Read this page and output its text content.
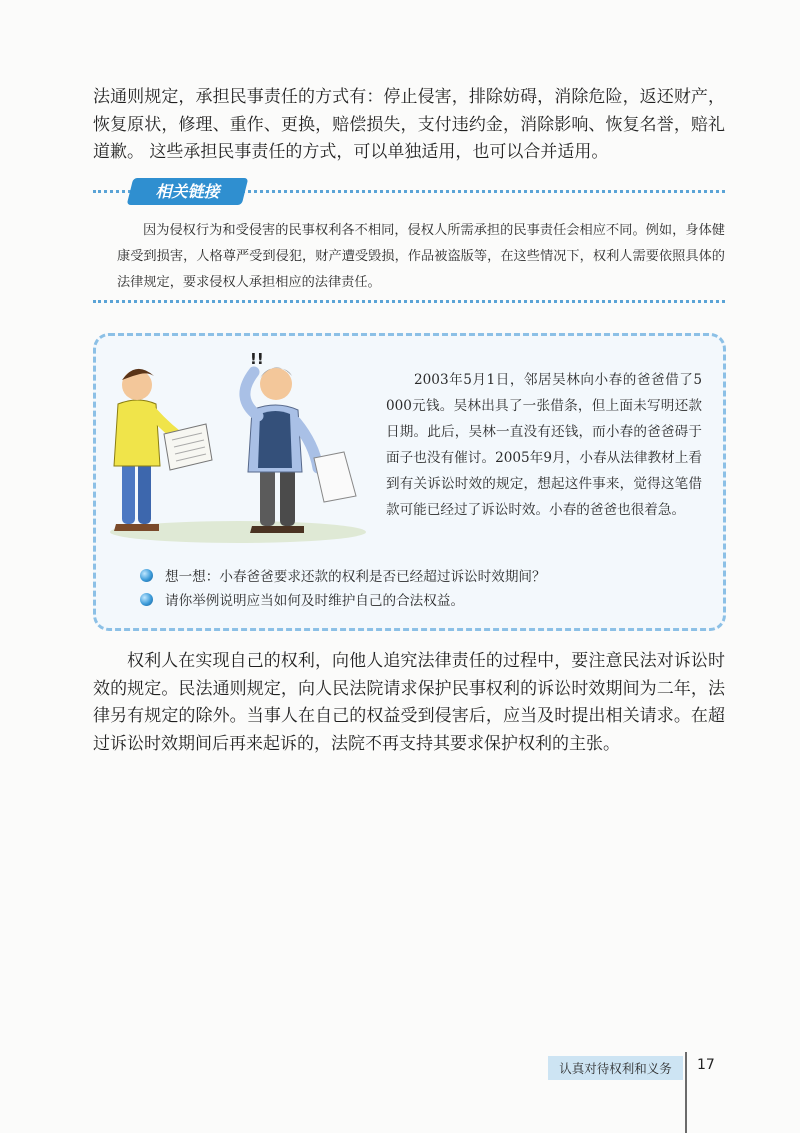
法通则规定，承担民事责任的方式有：停止侵害，排除妨碍，消除危险，返还财产，恢复原状，修理、重作、更换，赔偿损失，支付违约金，消除影响、恢复名誉，赔礼道歉。 这些承担民事责任的方式，可以单独适用，也可以合并适用。

相关链接

因为侵权行为和受侵害的民事权利各不相同，侵权人所需承担的民事责任会相应不同。例如，身体健康受到损害，人格尊严受到侵犯，财产遭受毁损，作品被盗版等，在这些情况下，权利人需要依照具体的法律规定，要求侵权人承担相应的法律责任。

!!

2003年5月1日，邻居吴林向小春的爸爸借了5 000元钱。吴林出具了一张借条，但上面未写明还款日期。此后，吴林一直没有还钱，而小春的爸爸碍于面子也没有催讨。2005年9月，小春从法律教材上看到有关诉讼时效的规定，想起这件事来，觉得这笔借款可能已经过了诉讼时效。小春的爸爸也很着急。

想一想：小春爸爸要求还款的权利是否已经超过诉讼时效期间？
请你举例说明应当如何及时维护自己的合法权益。

权利人在实现自己的权利，向他人追究法律责任的过程中，要注意民法对诉讼时效的规定。民法通则规定，向人民法院请求保护民事权利的诉讼时效期间为二年，法律另有规定的除外。当事人在自己的权益受到侵害后，应当及时提出相关请求。在超过诉讼时效期间后再来起诉的，法院不再支持其要求保护权利的主张。

认真对待权利和义务 17
